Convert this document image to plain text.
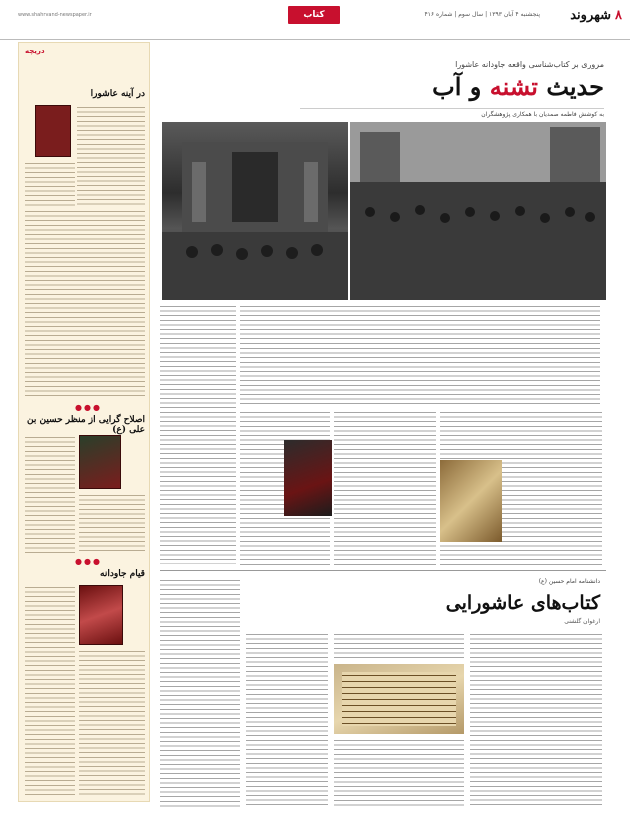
۸شهروند
پنجشنبه ۴ آبان ۱۳۹۳ | سال سوم | شماره ۴۱۶
کتاب
www.shahrvand-newspaper.ir
دریچه
در آینه عاشورا
●●●
اصلاح گرایی از منظر حسین بن علی (ع)
●●●
قیام جاودانه
مروری بر کتاب‌شناسی واقعه جاودانه عاشورا
حدیث تشنه و آب
به کوشش فاطمه صمدیان با همکاری پژوهشگران
دانشنامه امام حسین (ع)
کتاب‌های عاشورایی
ارغوان گلشنی
